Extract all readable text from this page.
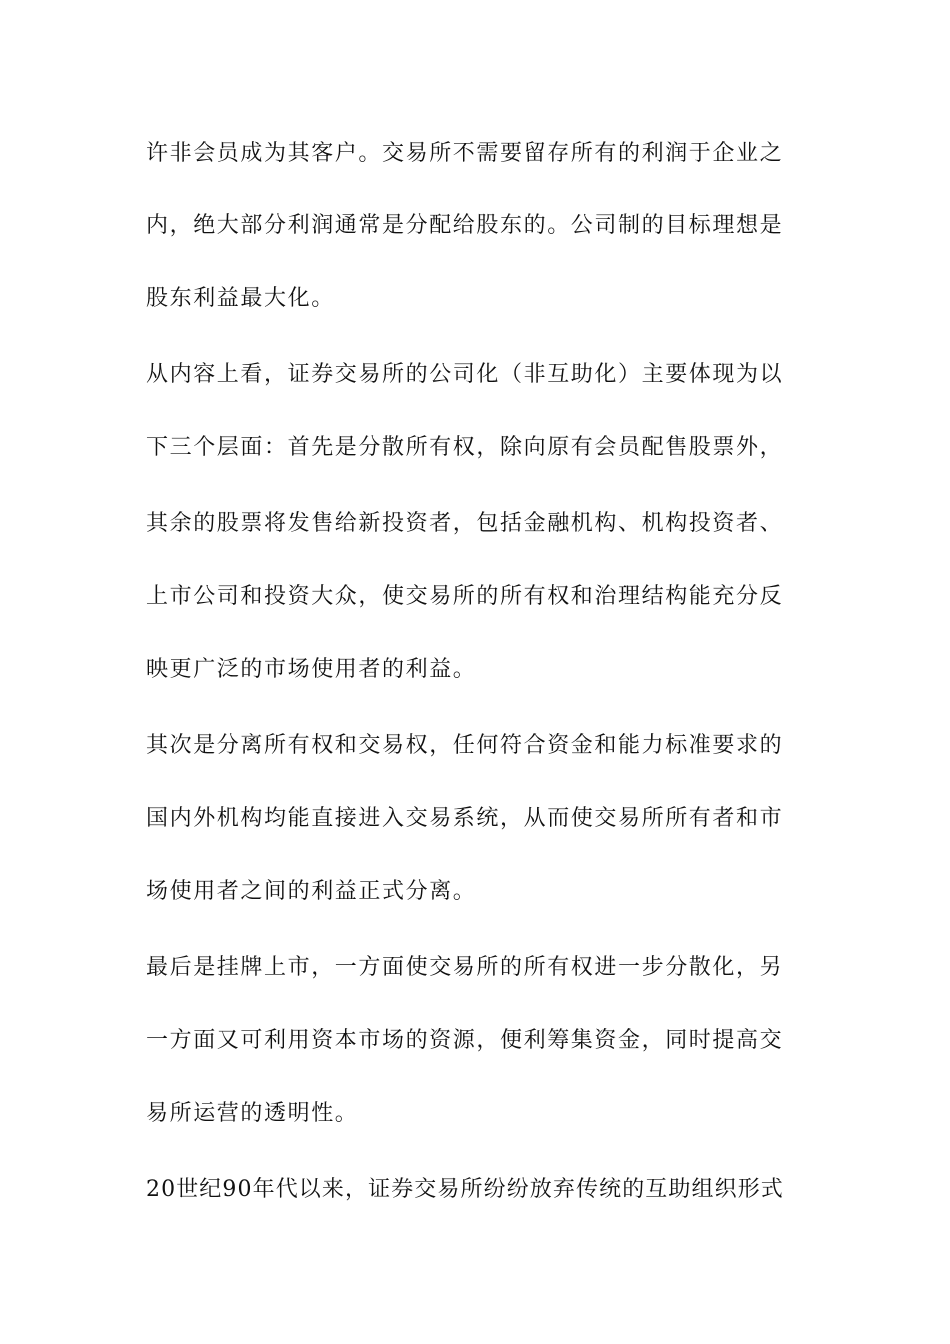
许非会员成为其客户。交易所不需要留存所有的利润于企业之
内，绝大部分利润通常是分配给股东的。公司制的目标理想是
股东利益最大化。
从内容上看，证券交易所的公司化（非互助化）主要体现为以
下三个层面：首先是分散所有权，除向原有会员配售股票外，
其余的股票将发售给新投资者，包括金融机构、机构投资者、
上市公司和投资大众，使交易所的所有权和治理结构能充分反
映更广泛的市场使用者的利益。
其次是分离所有权和交易权，任何符合资金和能力标准要求的
国内外机构均能直接进入交易系统，从而使交易所所有者和市
场使用者之间的利益正式分离。
最后是挂牌上市，一方面使交易所的所有权进一步分散化，另
一方面又可利用资本市场的资源，便利筹集资金，同时提高交
易所运营的透明性。
20世纪90年代以来，证券交易所纷纷放弃传统的互助组织形式
